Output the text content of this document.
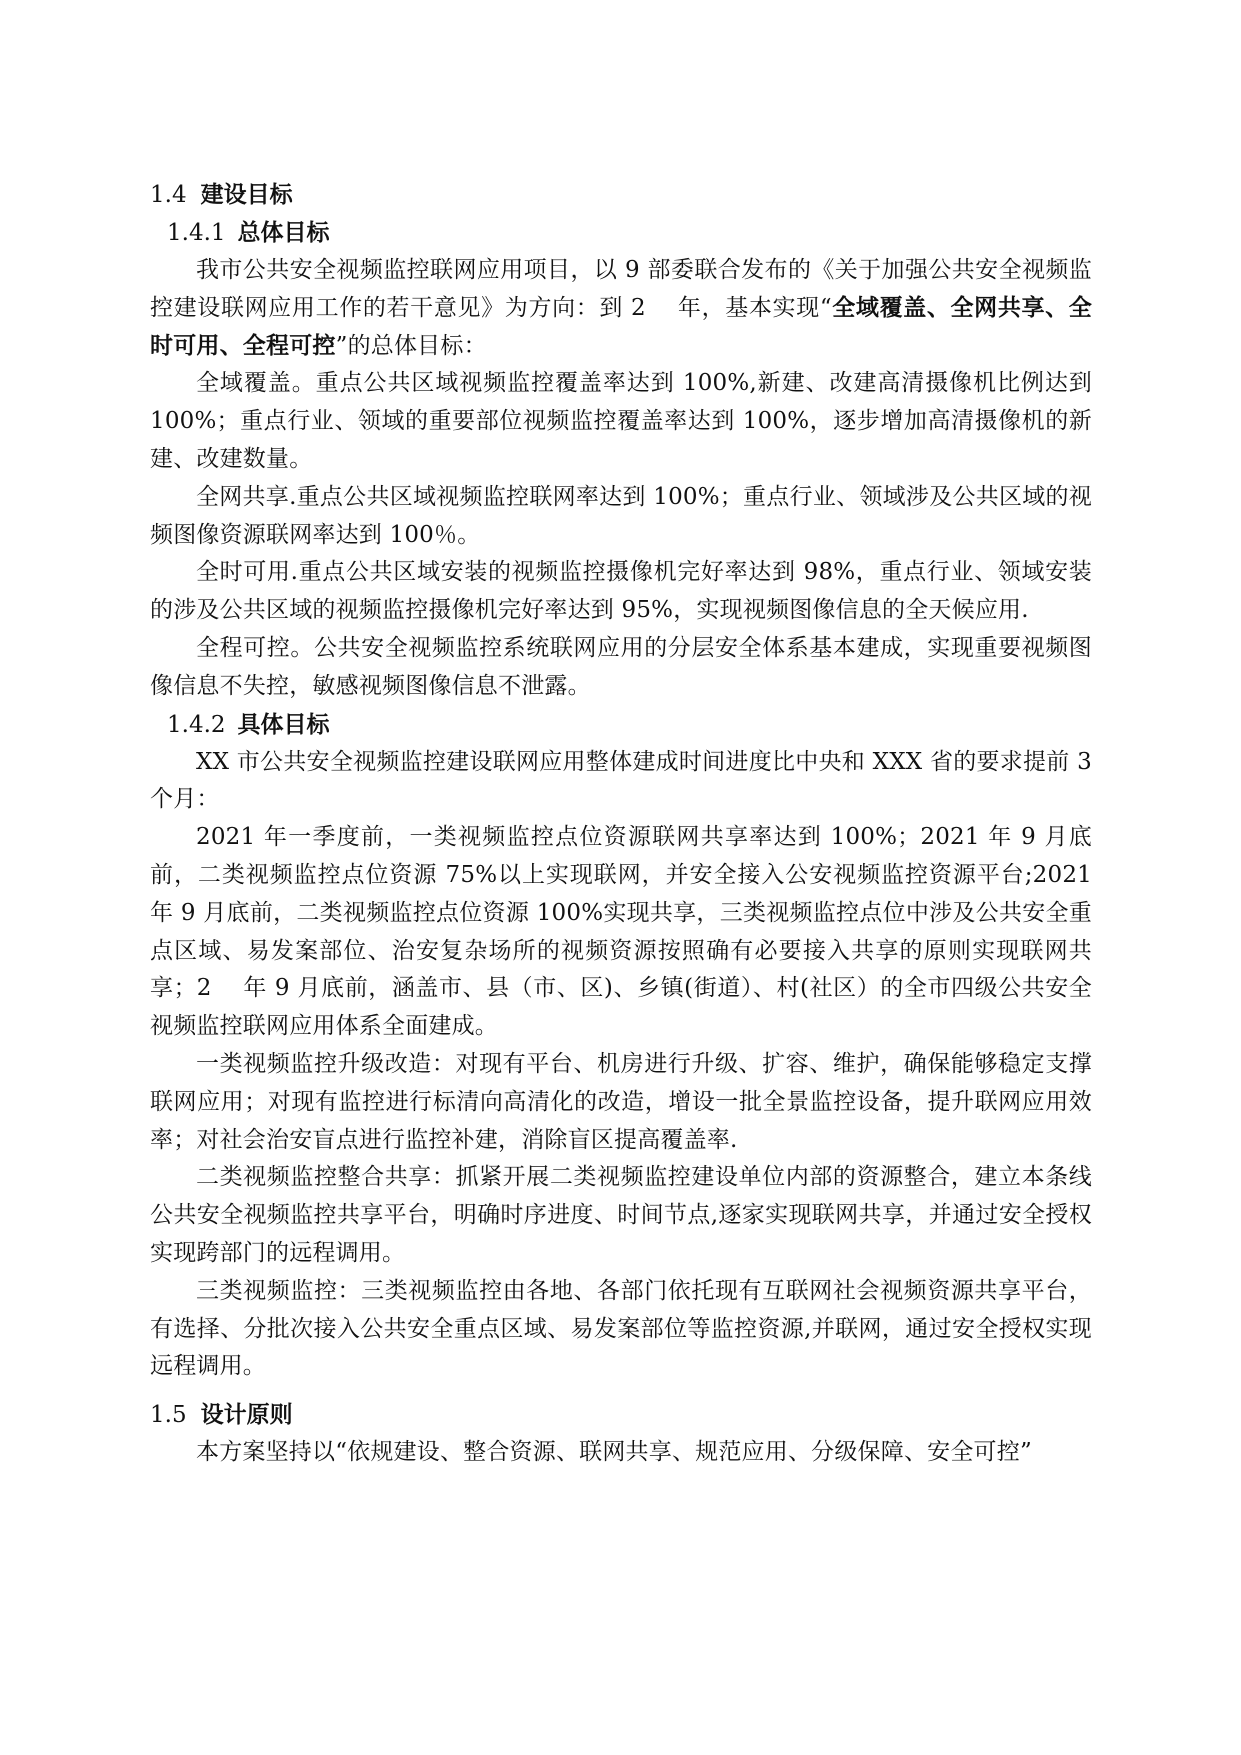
1.4 建设目标
1.4.1 总体目标

我市公共安全视频监控联网应用项目，以 9 部委联合发布的《关于加强公共安全视频监控建设联网应用工作的若干意见》为方向：到 2　 年，基本实现“全域覆盖、全网共享、全时可用、全程可控”的总体目标：

全域覆盖。重点公共区域视频监控覆盖率达到 100%,新建、改建高清摄像机比例达到 100%；重点行业、领域的重要部位视频监控覆盖率达到 100%，逐步增加高清摄像机的新建、改建数量。

全网共享.重点公共区域视频监控联网率达到 100%；重点行业、领域涉及公共区域的视频图像资源联网率达到 100％。

全时可用.重点公共区域安装的视频监控摄像机完好率达到 98%，重点行业、领域安装的涉及公共区域的视频监控摄像机完好率达到 95%，实现视频图像信息的全天候应用.

全程可控。公共安全视频监控系统联网应用的分层安全体系基本建成，实现重要视频图像信息不失控，敏感视频图像信息不泄露。

1.4.2 具体目标

XX 市公共安全视频监控建设联网应用整体建成时间进度比中央和 XXX 省的要求提前 3 个月：

2021 年一季度前，一类视频监控点位资源联网共享率达到 100%；2021 年 9 月底前，二类视频监控点位资源 75%以上实现联网，并安全接入公安视频监控资源平台;2021 年 9 月底前，二类视频监控点位资源 100%实现共享，三类视频监控点位中涉及公共安全重点区域、易发案部位、治安复杂场所的视频资源按照确有必要接入共享的原则实现联网共享；2　 年 9 月底前，涵盖市、县（市、区)、乡镇(街道）、村(社区）的全市四级公共安全视频监控联网应用体系全面建成。

一类视频监控升级改造：对现有平台、机房进行升级、扩容、维护，确保能够稳定支撑联网应用；对现有监控进行标清向高清化的改造，增设一批全景监控设备，提升联网应用效率；对社会治安盲点进行监控补建，消除盲区提高覆盖率.

二类视频监控整合共享：抓紧开展二类视频监控建设单位内部的资源整合，建立本条线公共安全视频监控共享平台，明确时序进度、时间节点,逐家实现联网共享，并通过安全授权实现跨部门的远程调用。

三类视频监控：三类视频监控由各地、各部门依托现有互联网社会视频资源共享平台，有选择、分批次接入公共安全重点区域、易发案部位等监控资源,并联网，通过安全授权实现远程调用。

1.5 设计原则

本方案坚持以“依规建设、整合资源、联网共享、规范应用、分级保障、安全可控”
